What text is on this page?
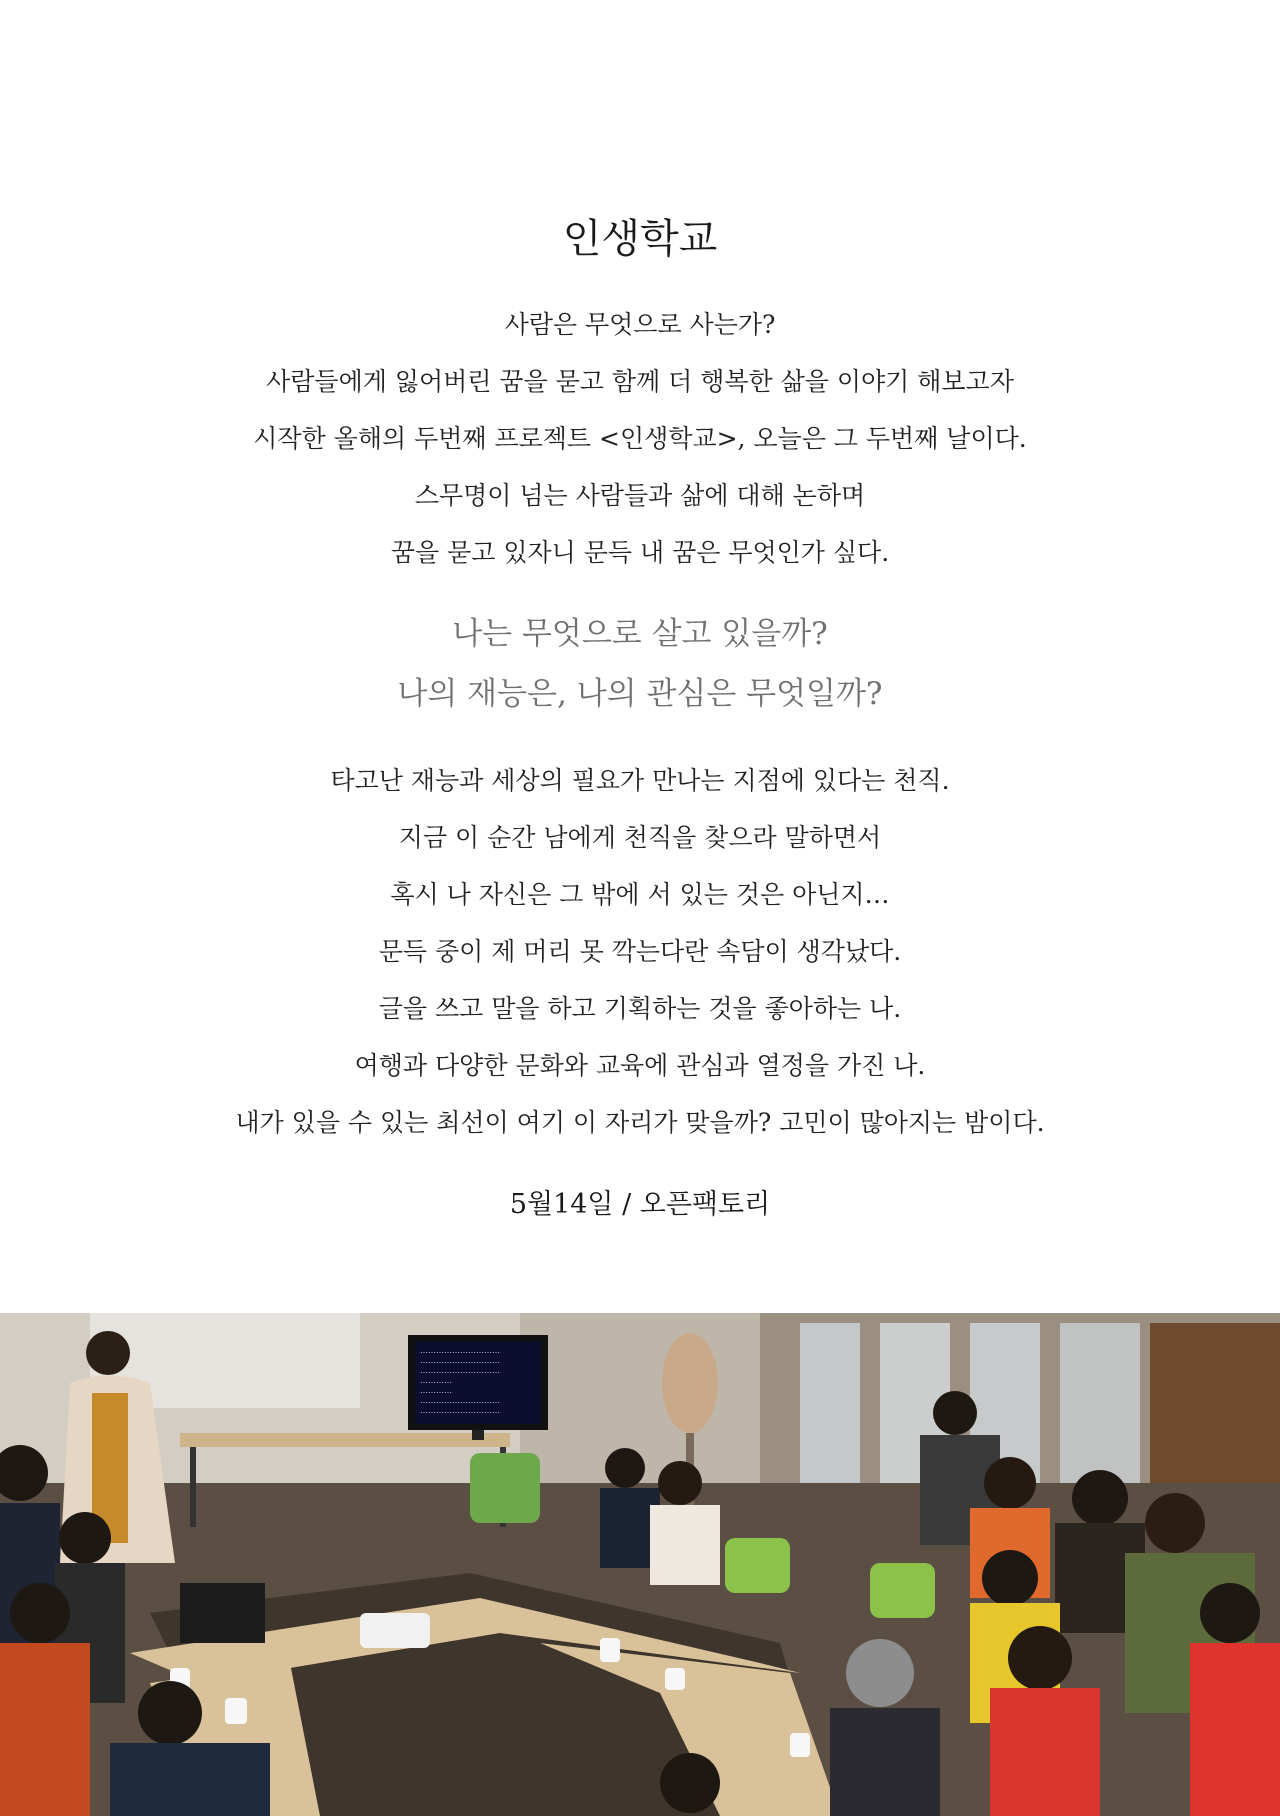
인생학교
사람은 무엇으로 사는가?
사람들에게 잃어버린 꿈을 묻고 함께 더 행복한 삶을 이야기 해보고자
시작한 올해의 두번째 프로젝트 <인생학교>, 오늘은 그 두번째 날이다.
스무명이 넘는 사람들과 삶에 대해 논하며
꿈을 묻고 있자니 문득 내 꿈은 무엇인가 싶다.
나는 무엇으로 살고 있을까?
나의 재능은, 나의 관심은 무엇일까?
타고난 재능과 세상의 필요가 만나는 지점에 있다는 천직.
지금 이 순간 남에게 천직을 찾으라 말하면서
혹시 나 자신은 그 밖에 서 있는 것은 아닌지…
문득 중이 제 머리 못 깍는다란 속담이 생각났다.
글을 쓰고 말을 하고 기획하는 것을 좋아하는 나.
여행과 다양한 문화와 교육에 관심과 열정을 가진 나.
내가 있을 수 있는 최선이 여기 이 자리가 맞을까? 고민이 많아지는 밤이다.
5월14일 / 오픈팩토리
…………………………
…………………………
…………………………
…………
…………
…………………………
…………………………
